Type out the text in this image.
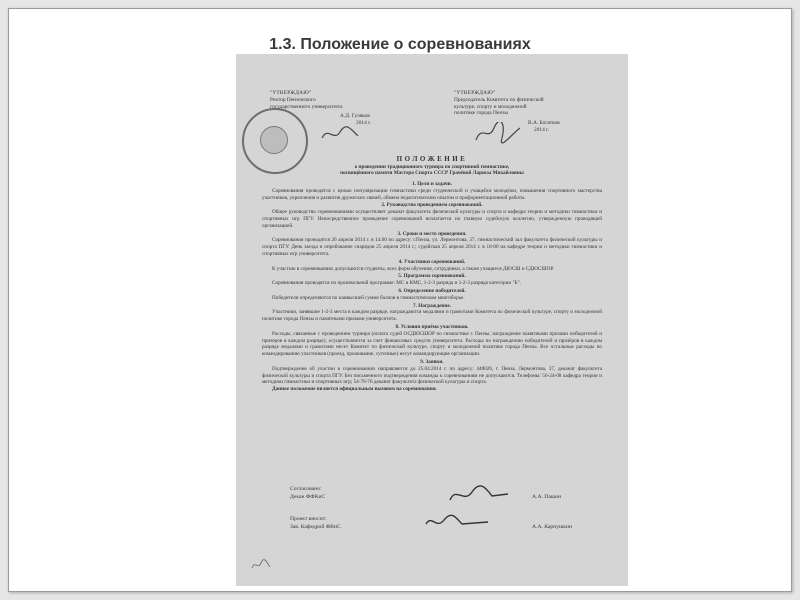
1.3. Положение о соревнованиях
"УТВЕРЖДАЮ"
Ректор Пензенского
государственного университета
А.Д. Гуляков
2014 г.
"УТВЕРЖДАЮ"
Председатель Комитета по физической
культуре, спорту и молодежной
политике города Пензы
В.А. Богатков
2014 г.
ПОЛОЖЕНИЕ
о проведении традиционного турнира по спортивной гимнастике,
посвящённого памяти Мастера Спорта СССР Грачёвой Ларисы Михайловны
1. Цели и задачи.
Соревнования проводятся с целью популяризации гимнастики среди студенческой и учащейся молодёжи, повышения спортивного мастерства участников, укрепления и развития дружеских связей, обмена педагогическим опытом и профориентационной работы.
2. Руководство проведением соревнований.
Общее руководство соревнованиями осуществляет деканат факультета физической культуры и спорта и кафедра теории и методики гимнастики и спортивных игр ПГУ. Непосредственное проведение соревнований возлагается на главную судейскую коллегию, утвержденную проводящей организацией.
3. Сроки и место проведения.
Соревнования проводятся 26 апреля 2014 г. в 14.00 по адресу: г.Пенза, ул. Лермонтова, 37, гимнастический зал факультета физической культуры и спорта ПГУ. День заезда и опробование снарядов 25 апреля 2014 г.; судейская 25 апреля 2014 г. в 18-00 на кафедре теории и методики гимнастики и спортивных игр университета.
4. Участники соревнований.
К участию в соревнованиях допускаются студенты, всех форм обучения, сотрудники, а также учащиеся ДЮСШ и СДЮСШОР.
5. Программа соревнований.
Соревнования проводятся по произвольной программе: МС и КМС, 1-2-3 разряда и 1-2-3 разряда категории "Б".
6. Определение победителей.
Победители определяются по наивысшей сумме баллов в гимнастическом многоборье.
7. Награждение.
Участники, занявшие 1-2-3 места в каждом разряде, награждаются медалями и грамотами Комитета по физической культуре, спорту и молодежной политике города Пензы и памятными призами университета.
8. Условия приёма участников.
Расходы, связанные с проведением турнира (оплата судей ОСДЮСШОР по гимнастике г. Пензы, награждение памятными призами победителей и призеров в каждом разряде), осуществляются за счет финансовых средств университета. Расходы по награждению победителей и призёров в каждом разряде медалями и грамотами несет Комитет по физической культуре, спорту и молодежной политике города Пензы. Все остальные расходы по командированию участников (проезд, проживание, суточные) несут командирующие организации.
9. Заявки.
Подтверждение об участии в соревнованиях направляется до 25.04.2014 г. по адресу: 440026, г. Пенза, Лермонтова, 37, деканат факультета физической культуры и спорта ПГУ. Без письменного подтверждения команды к соревнованиям не допускаются. Телефоны: 56-24-08 кафедра теории и методики гимнастики и спортивных игр; 54-78-76 деканат факультета физической культуры и спорта.
Данное положение является официальным вызовом на соревнования.
Согласовано:
Декан ФФКиС	А.А. Пашин
Проект вносит:
Зав. Кафедрой ФВиС	А.А. Карпушкин
